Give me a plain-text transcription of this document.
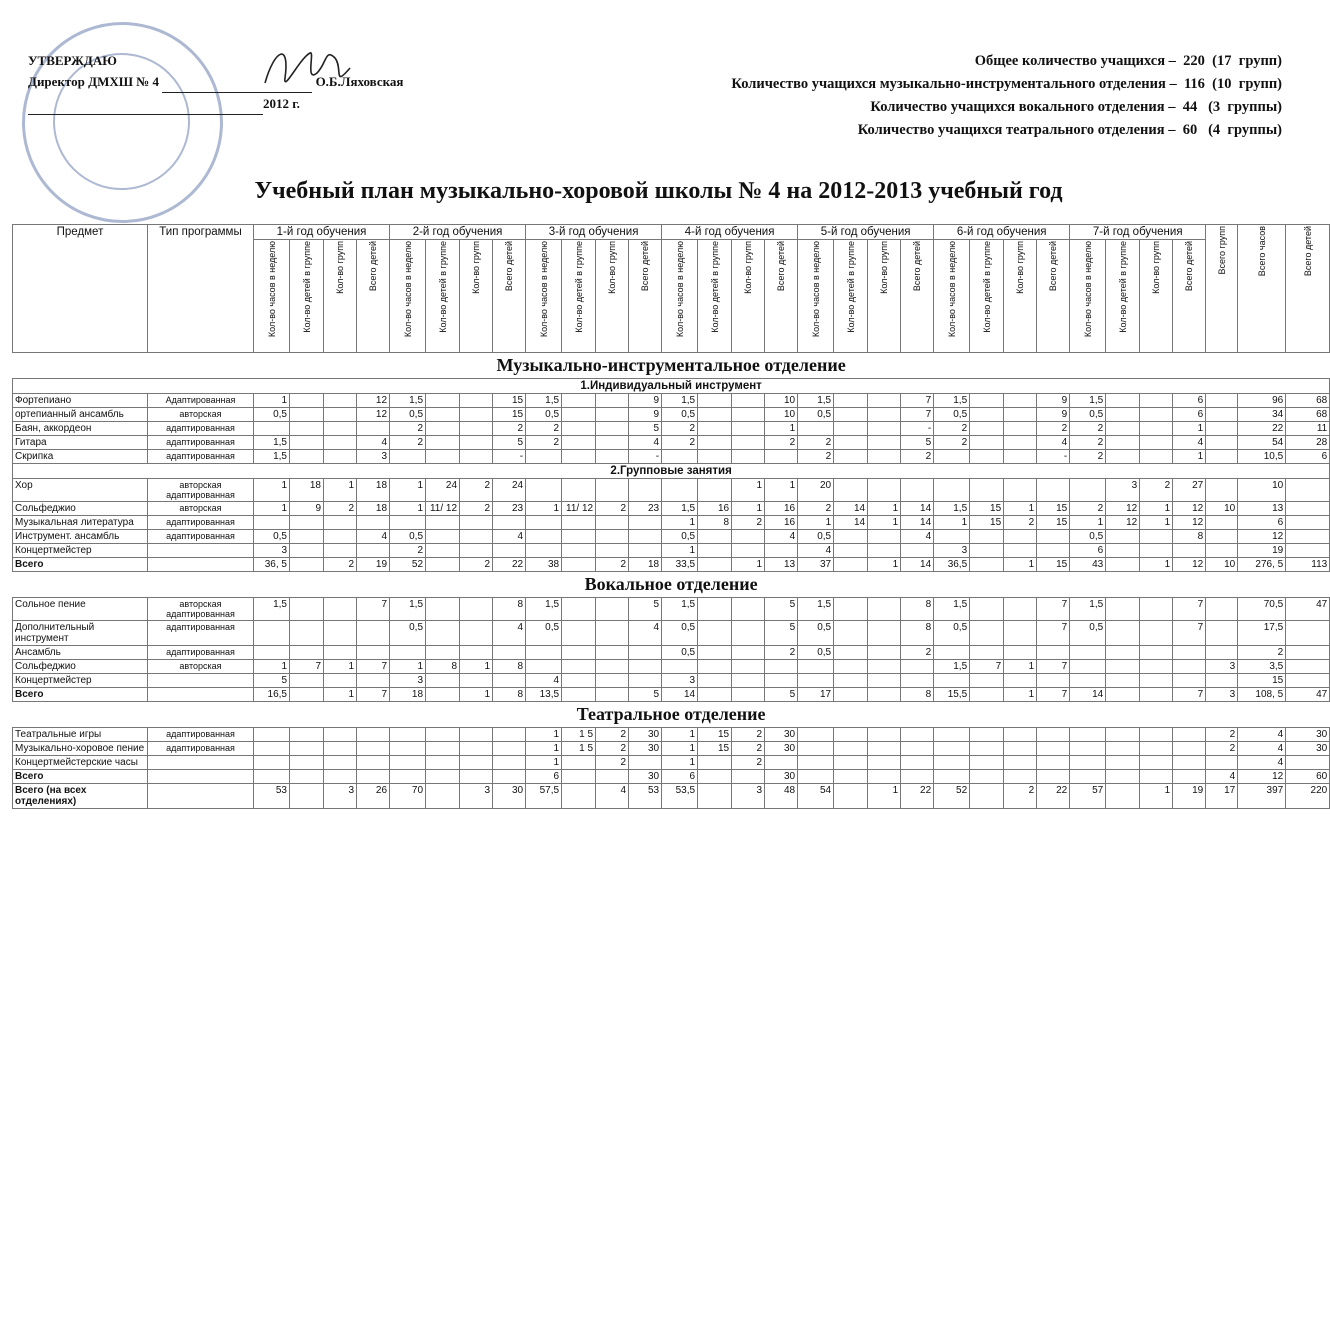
УТВЕРЖДАЮ
Директор ДМХШ № 4	О.Б.Ляховская
2012 г.
Общее количество учащихся –  220  (17  групп)
Количество учащихся музыкально-инструментального отделения –  116  (10  групп)
Количество учащихся вокального отделения –  44   (3  группы)
Количество учащихся театрального отделения –  60   (4  группы)
Учебный план музыкально-хоровой школы № 4 на 2012-2013 учебный год
Предмет	Тип программы	1-й год обучения				2-й год обучения				3-й год обучения				4-й год обучения				5-й год обучения				6-й год обучения				7-й год обучения				Всего групп	Всего часов	Всего детей
		Кол-во часов в неделю	Кол-во детей в группе	Кол-во групп	Всего детей	Кол-во часов в неделю	Кол-во детей в группе	Кол-во групп	Всего детей	Кол-во часов в неделю	Кол-во детей в группе	Кол-во групп	Всего детей	Кол-во часов в неделю	Кол-во детей в группе	Кол-во групп	Всего детей	Кол-во часов в неделю	Кол-во детей в группе	Кол-во групп	Всего детей	Кол-во часов в неделю	Кол-во детей в группе	Кол-во групп	Всего детей	Кол-во часов в неделю	Кол-во детей в группе	Кол-во групп	Всего детей			
Музыкально-инструментальное отделение																																
1.Индивидуальный инструмент																																
Фортепиано	Адаптированная	1			12	1,5			15	1,5			9	1,5			10	1,5			7	1,5			9	1,5			6		96	68
ортепианный ансамбль	авторская	0,5			12	0,5			15	0,5			9	0,5			10	0,5			7	0,5			9	0,5			6		34	68
Баян, аккордеон	адаптированная					2			2	2			5	2			1				-	2			2	2			1		22	11
Гитара	адаптированная	1,5			4	2			5	2			4	2			2	2			5	2			4	2			4		54	28
Скрипка	адаптированная	1,5			3				-				-					2			2				-	2			1		10,5	6
2.Групповые занятия																																
Хор	авторская адаптированная	1	18	1	18	1	24	2	24							1	1	20									3	2	27		10	
Сольфеджио	авторская	1	9	2	18	1	11/ 12	2	23	1	11/ 12	2	23	1,5	16	1	16	2	14	1	14	1,5	15	1	15	2	12	1	12	10	13	
Музыкальная литература	адаптированная													1	8	2	16	1	14	1	14	1	15	2	15	1	12	1	12		6	
Инструмент. ансамбль	адаптированная	0,5			4	0,5			4					0,5			4	0,5			4					0,5			8		12	
Концертмейстер		3				2								1				4				3				6					19	
Всего		36, 5		2	19	52		2	22	38		2	18	33,5		1	13	37		1	14	36,5		1	15	43		1	12	10	276, 5	113
Вокальное отделение																																
Сольное пение	авторская адаптированная	1,5			7	1,5			8	1,5			5	1,5			5	1,5			8	1,5			7	1,5			7		70,5	47
Дополнительный инструмент	адаптированная					0,5			4	0,5			4	0,5			5	0,5			8	0,5			7	0,5			7		17,5	
Ансамбль	адаптированная													0,5			2	0,5			2										2	
Сольфеджио	авторская	1	7	1	7	1	8	1	8													1,5	7	1	7					3	3,5	
Концертмейстер		5				3				4				3																	15	
Всего		16,5		1	7	18		1	8	13,5			5	14			5	17			8	15,5		1	7	14			7	3	108, 5	47
Театральное отделение																																
Театральные игры	адаптированная									1	1 5	2	30	1	15	2	30													2	4	30
Музыкально-хоровое пение	адаптированная									1	1 5	2	30	1	15	2	30													2	4	30
Концертмейстерские часы										1		2		1		2															4	
Всего										6			30	6			30													4	12	60
Всего (на всех отделениях)		53		3	26	70		3	30	57,5		4	53	53,5		3	48	54		1	22	52		2	22	57		1	19	17	397	220
